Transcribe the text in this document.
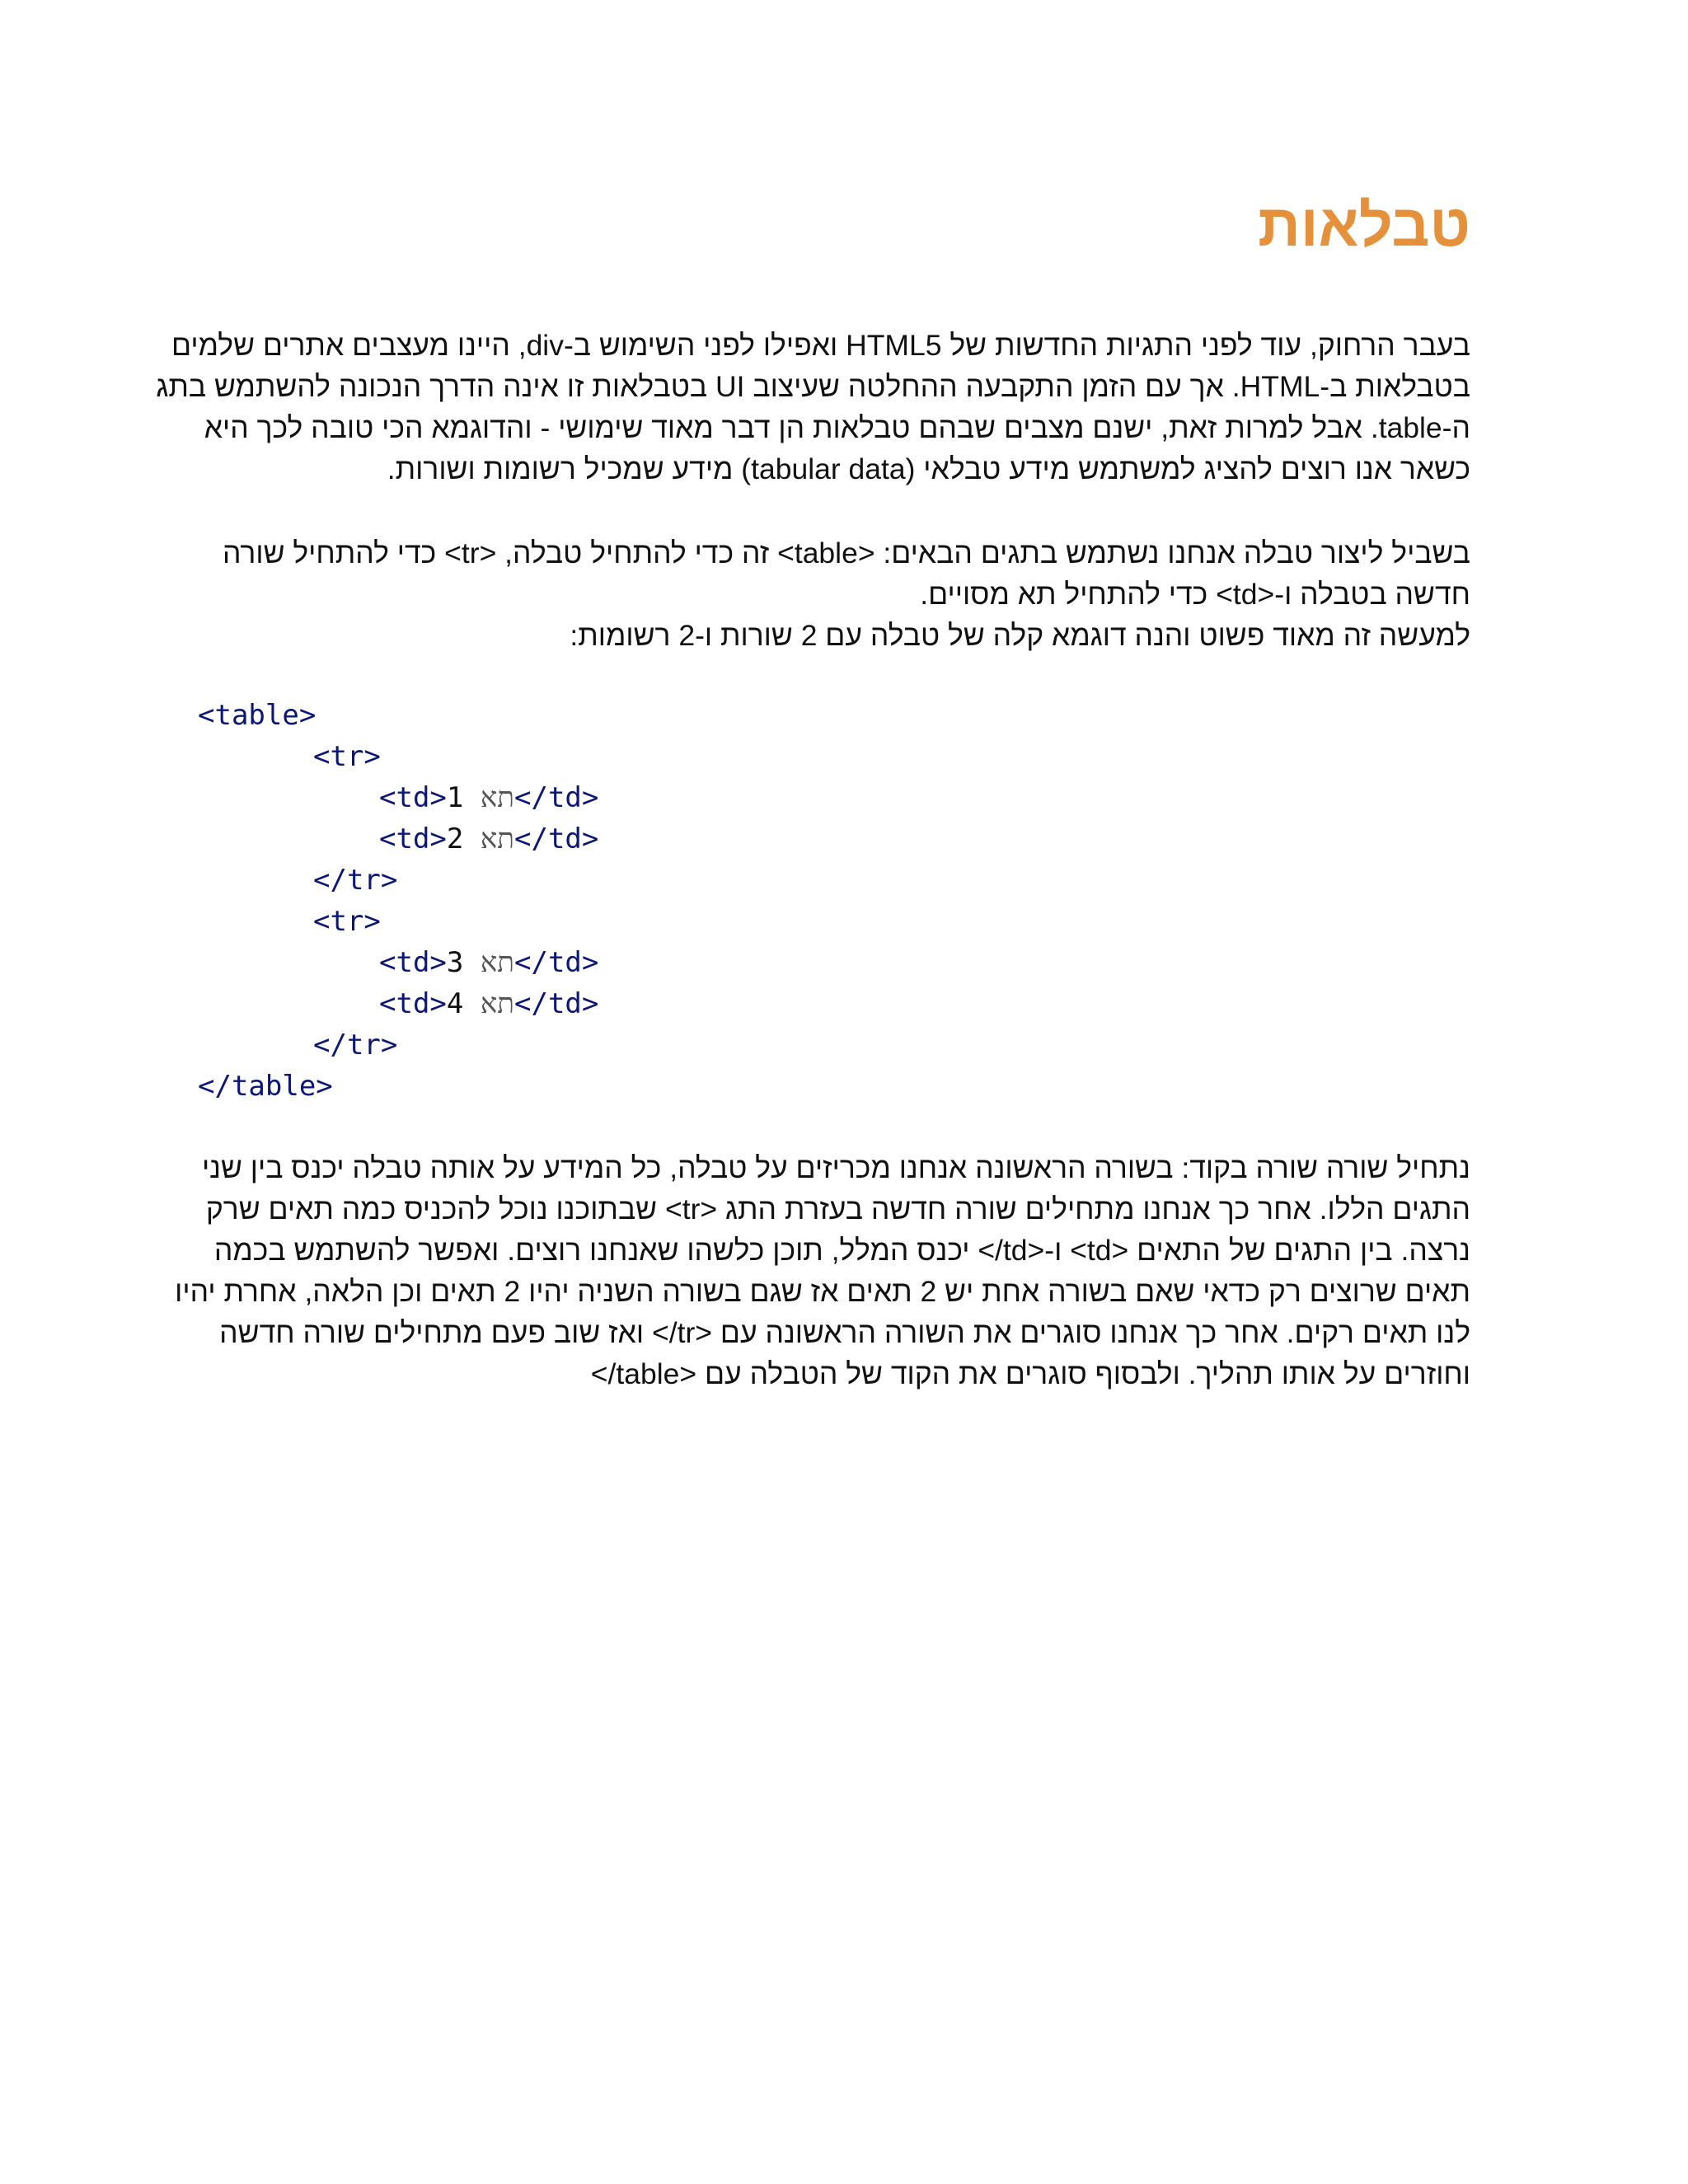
טבלאות
בעבר הרחוק, עוד לפני התגיות החדשות של HTML5 ואפילו לפני השימוש ב-div, היינו מעצבים אתרים שלמים
בטבלאות ב-HTML. אך עם הזמן התקבעה ההחלטה שעיצוב UI בטבלאות זו אינה הדרך הנכונה להשתמש בתג
ה-table. אבל למרות זאת, ישנם מצבים שבהם טבלאות הן דבר מאוד שימושי - והדוגמא הכי טובה לכך היא
כשאר אנו רוצים להציג למשתמש מידע טבלאי (tabular data) מידע שמכיל רשומות ושורות.
בשביל ליצור טבלה אנחנו נשתמש בתגים הבאים: <table> זה כדי להתחיל טבלה, <tr> כדי להתחיל שורה
חדשה בטבלה ו-<td> כדי להתחיל תא מסויים.
למעשה זה מאוד פשוט והנה דוגמא קלה של טבלה עם 2 שורות ו-2 רשומות:
<table>
<tr>
<td>1 תא</td>
<td>2 תא</td>
</tr>
<tr>
<td>3 תא</td>
<td>4 תא</td>
</tr>
</table>
נתחיל שורה שורה בקוד: בשורה הראשונה אנחנו מכריזים על טבלה, כל המידע על אותה טבלה יכנס בין שני
התגים הללו. אחר כך אנחנו מתחילים שורה חדשה בעזרת התג <tr> שבתוכנו נוכל להכניס כמה תאים שרק
נרצה. בין התגים של התאים <td> ו-<td/> יכנס המלל, תוכן כלשהו שאנחנו רוצים. ואפשר להשתמש בכמה
תאים שרוצים רק כדאי שאם בשורה אחת יש 2 תאים אז שגם בשורה השניה יהיו 2 תאים וכן הלאה, אחרת יהיו
לנו תאים רקים. אחר כך אנחנו סוגרים את השורה הראשונה עם <tr/> ואז שוב פעם מתחילים שורה חדשה
וחוזרים על אותו תהליך. ולבסוף סוגרים את הקוד של הטבלה עם <table/>
